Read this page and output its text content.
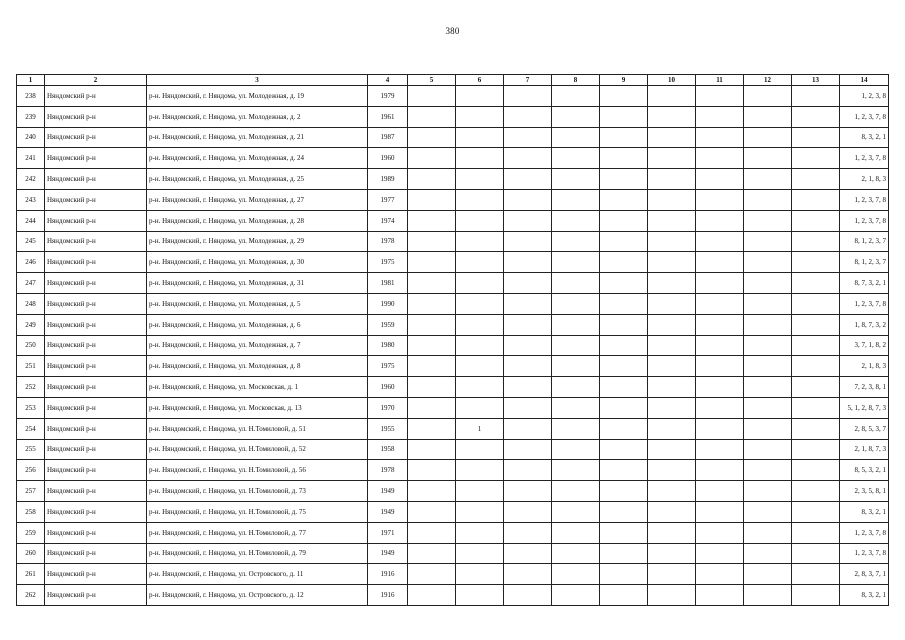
380
1	2	3	4	5	6	7	8	9	10	11	12	13	14
238	Няндомский р-н	р-н. Няндомский, г. Няндома, ул. Молодежная, д. 19	1979										1, 2, 3, 8
239	Няндомский р-н	р-н. Няндомский, г. Няндома, ул. Молодежная, д. 2	1961										1, 2, 3, 7, 8
240	Няндомский р-н	р-н. Няндомский, г. Няндома, ул. Молодежная, д. 21	1987										8, 3, 2, 1
241	Няндомский р-н	р-н. Няндомский, г. Няндома, ул. Молодежная, д. 24	1960										1, 2, 3, 7, 8
242	Няндомский р-н	р-н. Няндомский, г. Няндома, ул. Молодежная, д. 25	1989										2, 1, 8, 3
243	Няндомский р-н	р-н. Няндомский, г. Няндома, ул. Молодежная, д. 27	1977										1, 2, 3, 7, 8
244	Няндомский р-н	р-н. Няндомский, г. Няндома, ул. Молодежная, д. 28	1974										1, 2, 3, 7, 8
245	Няндомский р-н	р-н. Няндомский, г. Няндома, ул. Молодежная, д. 29	1978										8, 1, 2, 3, 7
246	Няндомский р-н	р-н. Няндомский, г. Няндома, ул. Молодежная, д. 30	1975										8, 1, 2, 3, 7
247	Няндомский р-н	р-н. Няндомский, г. Няндома, ул. Молодежная, д. 31	1981										8, 7, 3, 2, 1
248	Няндомский р-н	р-н. Няндомский, г. Няндома, ул. Молодежная, д. 5	1990										1, 2, 3, 7, 8
249	Няндомский р-н	р-н. Няндомский, г. Няндома, ул. Молодежная, д. 6	1959										1, 8, 7, 3, 2
250	Няндомский р-н	р-н. Няндомский, г. Няндома, ул. Молодежная, д. 7	1980										3, 7, 1, 8, 2
251	Няндомский р-н	р-н. Няндомский, г. Няндома, ул. Молодежная, д. 8	1975										2, 1, 8, 3
252	Няндомский р-н	р-н. Няндомский, г. Няндома, ул. Московская, д. 1	1960										7, 2, 3, 8, 1
253	Няндомский р-н	р-н. Няндомский, г. Няндома, ул. Московская, д. 13	1970										5, 1, 2, 8, 7, 3
254	Няндомский р-н	р-н. Няндомский, г. Няндома, ул. Н.Томиловой, д. 51	1955		1								2, 8, 5, 3, 7
255	Няндомский р-н	р-н. Няндомский, г. Няндома, ул. Н.Томиловой, д. 52	1958										2, 1, 8, 7, 3
256	Няндомский р-н	р-н. Няндомский, г. Няндома, ул. Н.Томиловой, д. 56	1978										8, 5, 3, 2, 1
257	Няндомский р-н	р-н. Няндомский, г. Няндома, ул. Н.Томиловой, д. 73	1949										2, 3, 5, 8, 1
258	Няндомский р-н	р-н. Няндомский, г. Няндома, ул. Н.Томиловой, д. 75	1949										8, 3, 2, 1
259	Няндомский р-н	р-н. Няндомский, г. Няндома, ул. Н.Томиловой, д. 77	1971										1, 2, 3, 7, 8
260	Няндомский р-н	р-н. Няндомский, г. Няндома, ул. Н.Томиловой, д. 79	1949										1, 2, 3, 7, 8
261	Няндомский р-н	р-н. Няндомский, г. Няндома, ул. Островского, д. 11	1916										2, 8, 3, 7, 1
262	Няндомский р-н	р-н. Няндомский, г. Няндома, ул. Островского, д. 12	1916										8, 3, 2, 1
